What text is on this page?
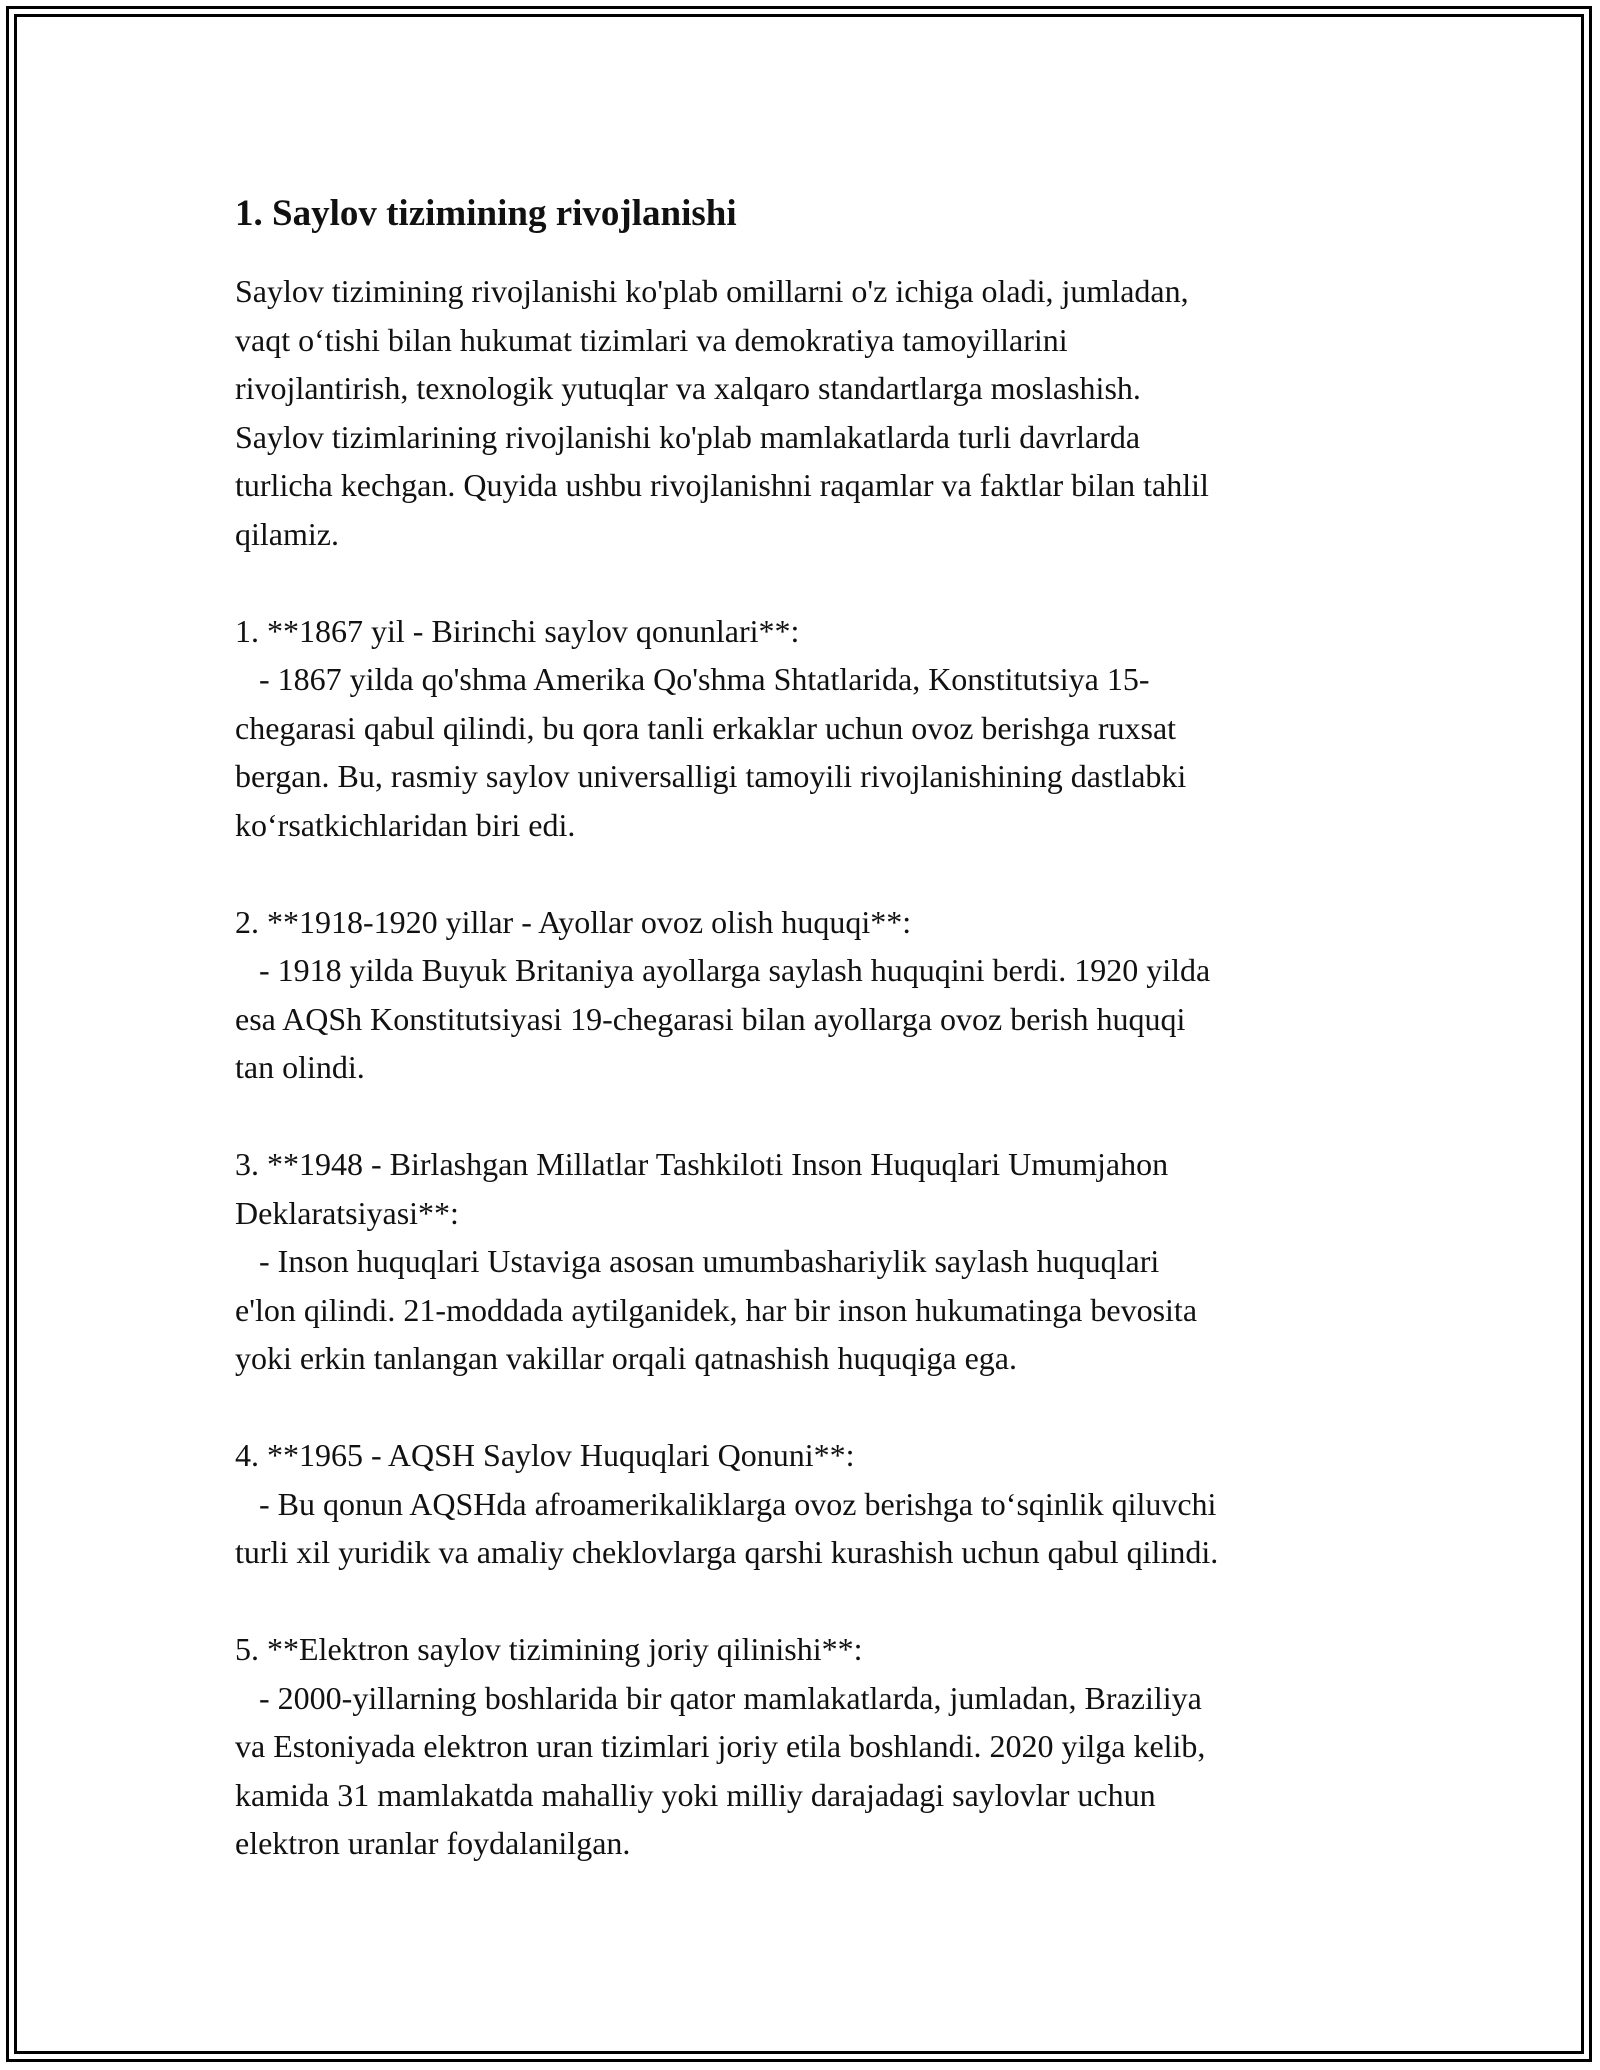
1. Saylov tizimining rivojlanishi

Saylov tizimining rivojlanishi ko'plab omillarni o'z ichiga oladi, jumladan,
vaqt o‘tishi bilan hukumat tizimlari va demokratiya tamoyillarini
rivojlantirish, texnologik yutuqlar va xalqaro standartlarga moslashish.
Saylov tizimlarining rivojlanishi ko'plab mamlakatlarda turli davrlarda
turlicha kechgan. Quyida ushbu rivojlanishni raqamlar va faktlar bilan tahlil
qilamiz.

1. **1867 yil - Birinchi saylov qonunlari**:
- 1867 yilda qo'shma Amerika Qo'shma Shtatlarida, Konstitutsiya 15-
chegarasi qabul qilindi, bu qora tanli erkaklar uchun ovoz berishga ruxsat
bergan. Bu, rasmiy saylov universalligi tamoyili rivojlanishining dastlabki
ko‘rsatkichlaridan biri edi.

2. **1918-1920 yillar - Ayollar ovoz olish huquqi**:
- 1918 yilda Buyuk Britaniya ayollarga saylash huquqini berdi. 1920 yilda
esa AQSh Konstitutsiyasi 19-chegarasi bilan ayollarga ovoz berish huquqi
tan olindi.

3. **1948 - Birlashgan Millatlar Tashkiloti Inson Huquqlari Umumjahon
Deklaratsiyasi**:
- Inson huquqlari Ustaviga asosan umumbashariylik saylash huquqlari
e'lon qilindi. 21-moddada aytilganidek, har bir inson hukumatinga bevosita
yoki erkin tanlangan vakillar orqali qatnashish huquqiga ega.

4. **1965 - AQSH Saylov Huquqlari Qonuni**:
- Bu qonun AQSHda afroamerikaliklarga ovoz berishga to‘sqinlik qiluvchi
turli xil yuridik va amaliy cheklovlarga qarshi kurashish uchun qabul qilindi.

5. **Elektron saylov tizimining joriy qilinishi**:
- 2000-yillarning boshlarida bir qator mamlakatlarda, jumladan, Braziliya
va Estoniyada elektron uran tizimlari joriy etila boshlandi. 2020 yilga kelib,
kamida 31 mamlakatda mahalliy yoki milliy darajadagi saylovlar uchun
elektron uranlar foydalanilgan.
